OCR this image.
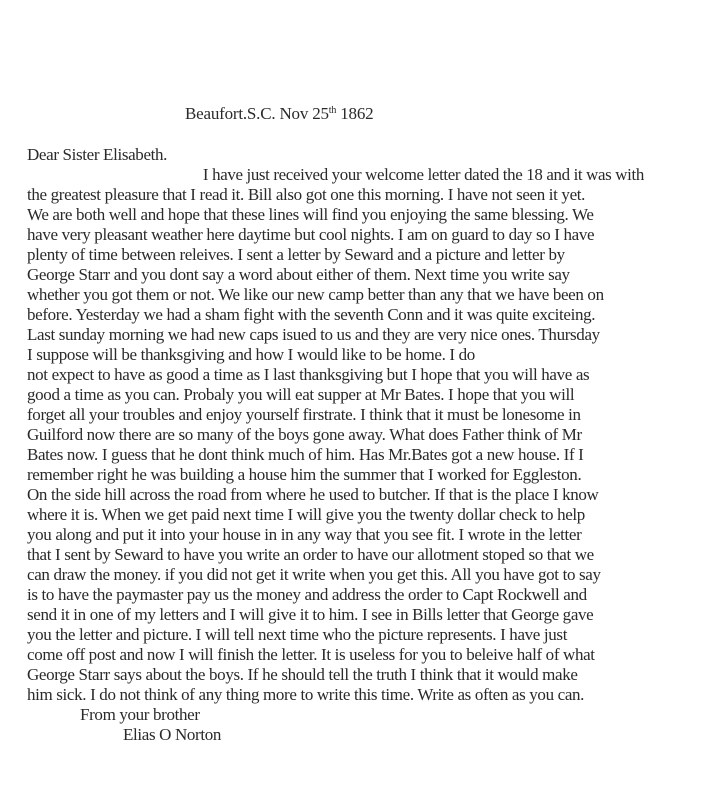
Beaufort.S.C. Nov 25th 1862
Dear Sister Elisabeth.
I have just received your welcome letter dated the 18 and it was with
the greatest pleasure that I read it. Bill also got one this morning. I have not seen it yet.
We are both well and hope that these lines will find you enjoying the same blessing. We
have very pleasant weather here daytime but cool nights. I am on guard to day so I have
plenty of time between releives. I sent a letter by Seward and a picture and letter by
George Starr and you dont say a word about either of them. Next time you write say
whether you got them or not. We like our new camp better than any that we have been on
before. Yesterday we had a sham fight with the seventh Conn and it was quite exciteing.
Last sunday morning we had new caps isued to us and they are very nice ones. Thursday
I suppose will be thanksgiving and how I would like to be home. I do
not expect to have as good a time as I last thanksgiving but I hope that you will have as
good a time as you can. Probaly you will eat supper at Mr Bates. I hope that you will
forget all your troubles and enjoy yourself firstrate. I think that it must be lonesome in
Guilford now there are so many of the boys gone away. What does Father think of Mr
Bates now. I guess that he dont think much of him. Has Mr.Bates got a new house. If I
remember right he was building a house him the summer that I worked for Eggleston.
On the side hill across the road from where he used to butcher. If that is the place I know
where it is. When we get paid next time I will give you the twenty dollar check to help
you along and put it into your house in in any way that you see fit. I wrote in the letter
that I sent by Seward to have you write an order to have our allotment stoped so that we
can draw the money. if you did not get it write when you get this. All you have got to say
is to have the paymaster pay us the money and address the order to Capt Rockwell and
send it in one of my letters and I will give it to him. I see in Bills letter that George gave
you the letter and picture. I will tell next time who the picture represents. I have just
come off post and now I will finish the letter. It is useless for you to beleive half of what
George Starr says about the boys. If he should tell the truth I think that it would make
him sick. I do not think of any thing more to write this time. Write as often as you can.
From your brother
Elias O Norton
